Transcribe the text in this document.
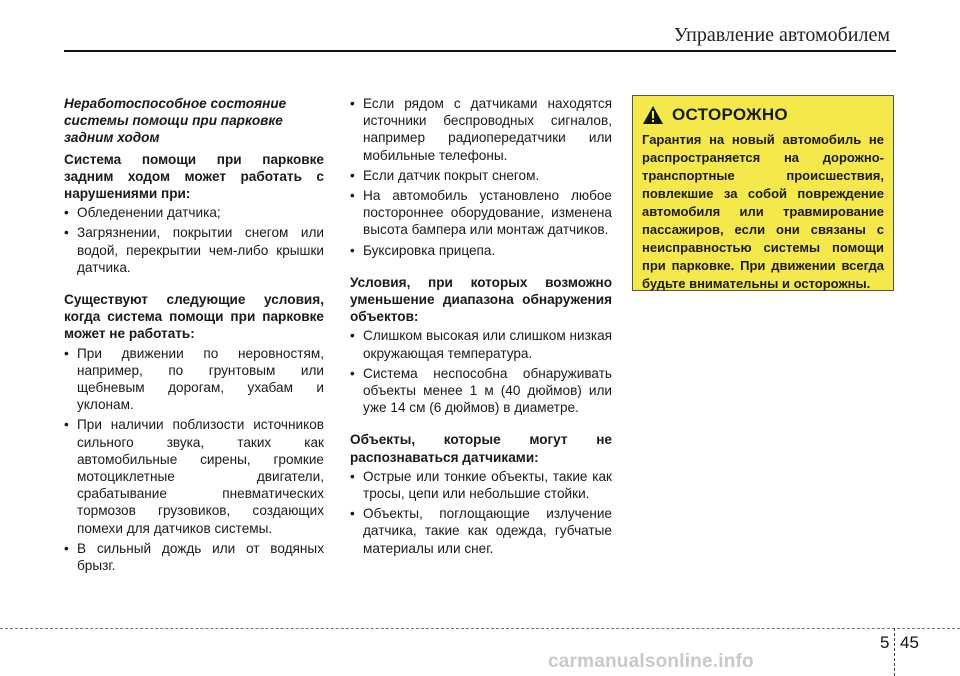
Управление автомобилем
Неработоспособное состояние системы помощи при парковке задним ходом
Система помощи при парковке задним ходом может работать с нарушениями при:
• Обледенении датчика;
• Загрязнении, покрытии снегом или водой, перекрытии чем-либо крышки датчика.
Существуют следующие условия, когда система помощи при парковке может не работать:
• При движении по неровностям, например, по грунтовым или щебневым дорогам, ухабам и уклонам.
• При наличии поблизости источников сильного звука, таких как автомобильные сирены, громкие мотоциклетные двигатели, срабатывание пневматических тормозов грузовиков, создающих помехи для датчиков системы.
• В сильный дождь или от водяных брызг.
• Если рядом с датчиками находятся источники беспроводных сигналов, например радиопередатчики или мобильные телефоны.
• Если датчик покрыт снегом.
• На автомобиль установлено любое постороннее оборудование, изменена высота бампера или монтаж датчиков.
• Буксировка прицепа.
Условия, при которых возможно уменьшение диапазона обнаружения объектов:
• Слишком высокая или слишком низкая окружающая температура.
• Система неспособна обнаруживать объекты менее 1 м (40 дюймов) или уже 14 см (6 дюймов) в диаметре.
Объекты, которые могут не распознаваться датчиками:
• Острые или тонкие объекты, такие как тросы, цепи или небольшие стойки.
• Объекты, поглощающие излучение датчика, такие как одежда, губчатые материалы или снег.
ОСТОРОЖНО
Гарантия на новый автомобиль не распространяется на дорожно-транспортные происшествия, повлекшие за собой повреждение автомобиля или травмирование пассажиров, если они связаны с неисправностью системы помощи при парковке. При движении всегда будьте внимательны и осторожны.
5 45
carmanualsonline.info
